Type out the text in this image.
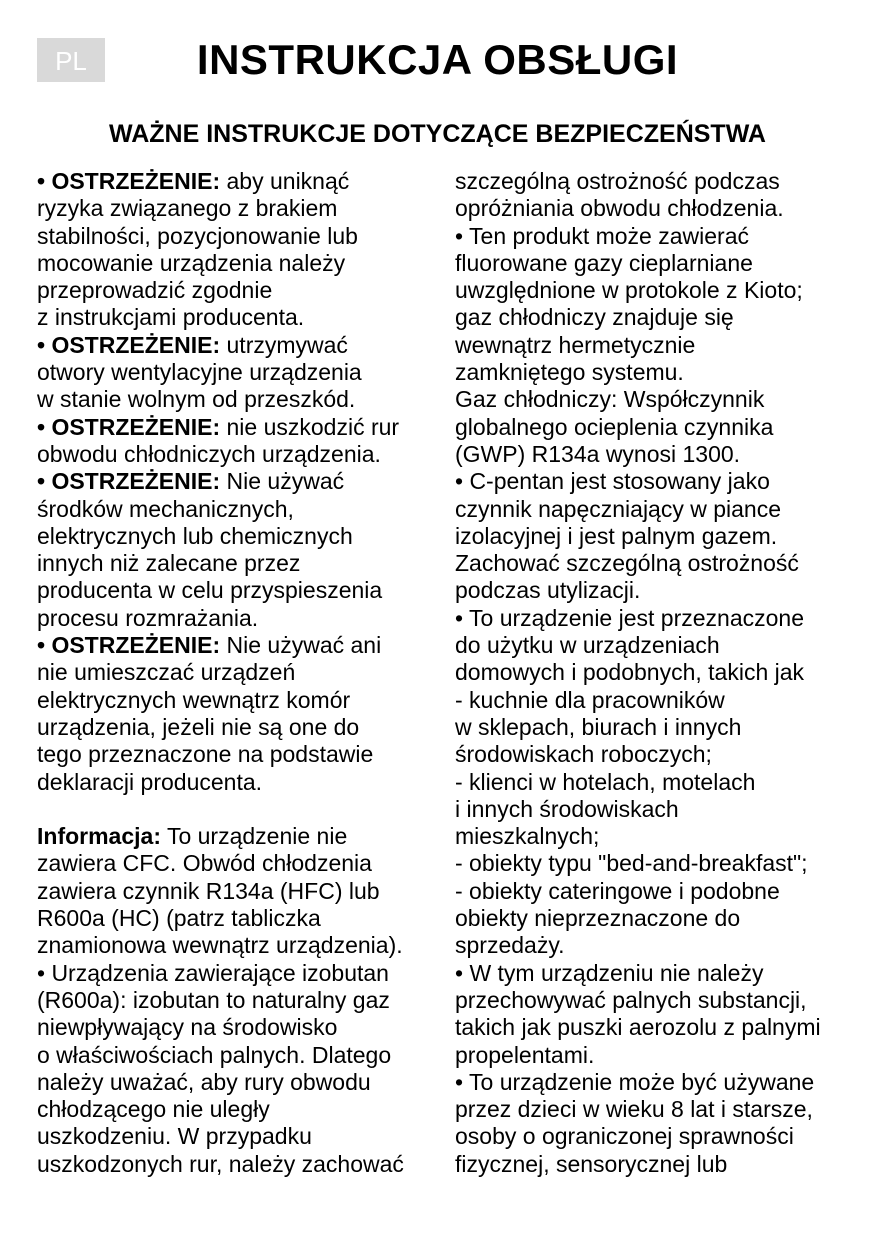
PL	INSTRUKCJA OBSŁUGI
WAŻNE INSTRUKCJE DOTYCZĄCE BEZPIECZEŃSTWA
• OSTRZEŻENIE: aby uniknąć
ryzyka związanego z brakiem
stabilności, pozycjonowanie lub
mocowanie urządzenia należy
przeprowadzić zgodnie
z instrukcjami producenta.
• OSTRZEŻENIE: utrzymywać
otwory wentylacyjne urządzenia
w stanie wolnym od przeszkód.
• OSTRZEŻENIE: nie uszkodzić rur
obwodu chłodniczych urządzenia.
• OSTRZEŻENIE: Nie używać
środków mechanicznych,
elektrycznych lub chemicznych
innych niż zalecane przez
producenta w celu przyspieszenia
procesu rozmrażania.
• OSTRZEŻENIE: Nie używać ani
nie umieszczać urządzeń
elektrycznych wewnątrz komór
urządzenia, jeżeli nie są one do
tego przeznaczone na podstawie
deklaracji producenta.
Informacja: To urządzenie nie
zawiera CFC. Obwód chłodzenia
zawiera czynnik R134a (HFC) lub
R600a (HC) (patrz tabliczka
znamionowa wewnątrz urządzenia).
• Urządzenia zawierające izobutan
(R600a): izobutan to naturalny gaz
niewpływający na środowisko
o właściwościach palnych. Dlatego
należy uważać, aby rury obwodu
chłodzącego nie uległy
uszkodzeniu. W przypadku
uszkodzonych rur, należy zachować
szczególną ostrożność podczas
opróżniania obwodu chłodzenia.
• Ten produkt może zawierać
fluorowane gazy cieplarniane
uwzględnione w protokole z Kioto;
gaz chłodniczy znajduje się
wewnątrz hermetycznie
zamkniętego systemu.
Gaz chłodniczy: Współczynnik
globalnego ocieplenia czynnika
(GWP) R134a wynosi 1300.
• C-pentan jest stosowany jako
czynnik napęczniający w piance
izolacyjnej i jest palnym gazem.
Zachować szczególną ostrożność
podczas utylizacji.
• To urządzenie jest przeznaczone
do użytku w urządzeniach
domowych i podobnych, takich jak
- kuchnie dla pracowników
w sklepach, biurach i innych
środowiskach roboczych;
- klienci w hotelach, motelach
i innych środowiskach
mieszkalnych;
- obiekty typu "bed-and-breakfast";
- obiekty cateringowe i podobne
obiekty nieprzeznaczone do
sprzedaży.
• W tym urządzeniu nie należy
przechowywać palnych substancji,
takich jak puszki aerozolu z palnymi
propelentami.
• To urządzenie może być używane
przez dzieci w wieku 8 lat i starsze,
osoby o ograniczonej sprawności
fizycznej, sensorycznej lub
